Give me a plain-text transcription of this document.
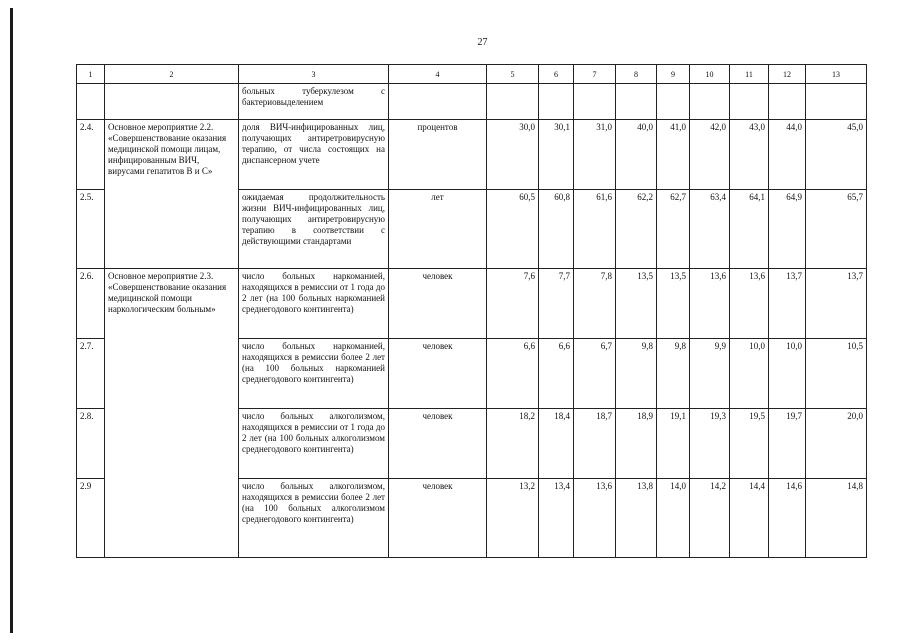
27
1	2	3	4	5	6	7	8	9	10	11	12	13
		больных туберкулезом с бактериовыделением										
2.4.	Основное мероприятие 2.2. «Совершенствование оказания медицинской помощи лицам, инфицированным ВИЧ, вирусами гепатитов В и С»	доля ВИЧ-инфицированных лиц, получающих антиретровирусную терапию, от числа состоящих на диспансерном учете	процентов	30,0	30,1	31,0	40,0	41,0	42,0	43,0	44,0	45,0
2.5.		ожидаемая продолжительность жизни ВИЧ-инфицированных лиц, получающих антиретровирусную терапию в соответствии с действующими стандартами	лет	60,5	60,8	61,6	62,2	62,7	63,4	64,1	64,9	65,7
2.6.	Основное мероприятие 2.3. «Совершенствование оказания медицинской помощи наркологическим больным»	число больных наркоманией, находящихся в ремиссии от 1 года до 2 лет (на 100 больных наркоманией среднегодового контингента)	человек	7,6	7,7	7,8	13,5	13,5	13,6	13,6	13,7	13,7
2.7.		число больных наркоманией, находящихся в ремиссии более 2 лет (на 100 больных наркоманией среднегодового контингента)	человек	6,6	6,6	6,7	9,8	9,8	9,9	10,0	10,0	10,5
2.8.		число больных алкоголизмом, находящихся в ремиссии от 1 года до 2 лет (на 100 больных алкоголизмом среднегодового контингента)	человек	18,2	18,4	18,7	18,9	19,1	19,3	19,5	19,7	20,0
2.9		число больных алкоголизмом, находящихся в ремиссии более 2 лет (на 100 больных алкоголизмом среднегодового контингента)	человек	13,2	13,4	13,6	13,8	14,0	14,2	14,4	14,6	14,8
